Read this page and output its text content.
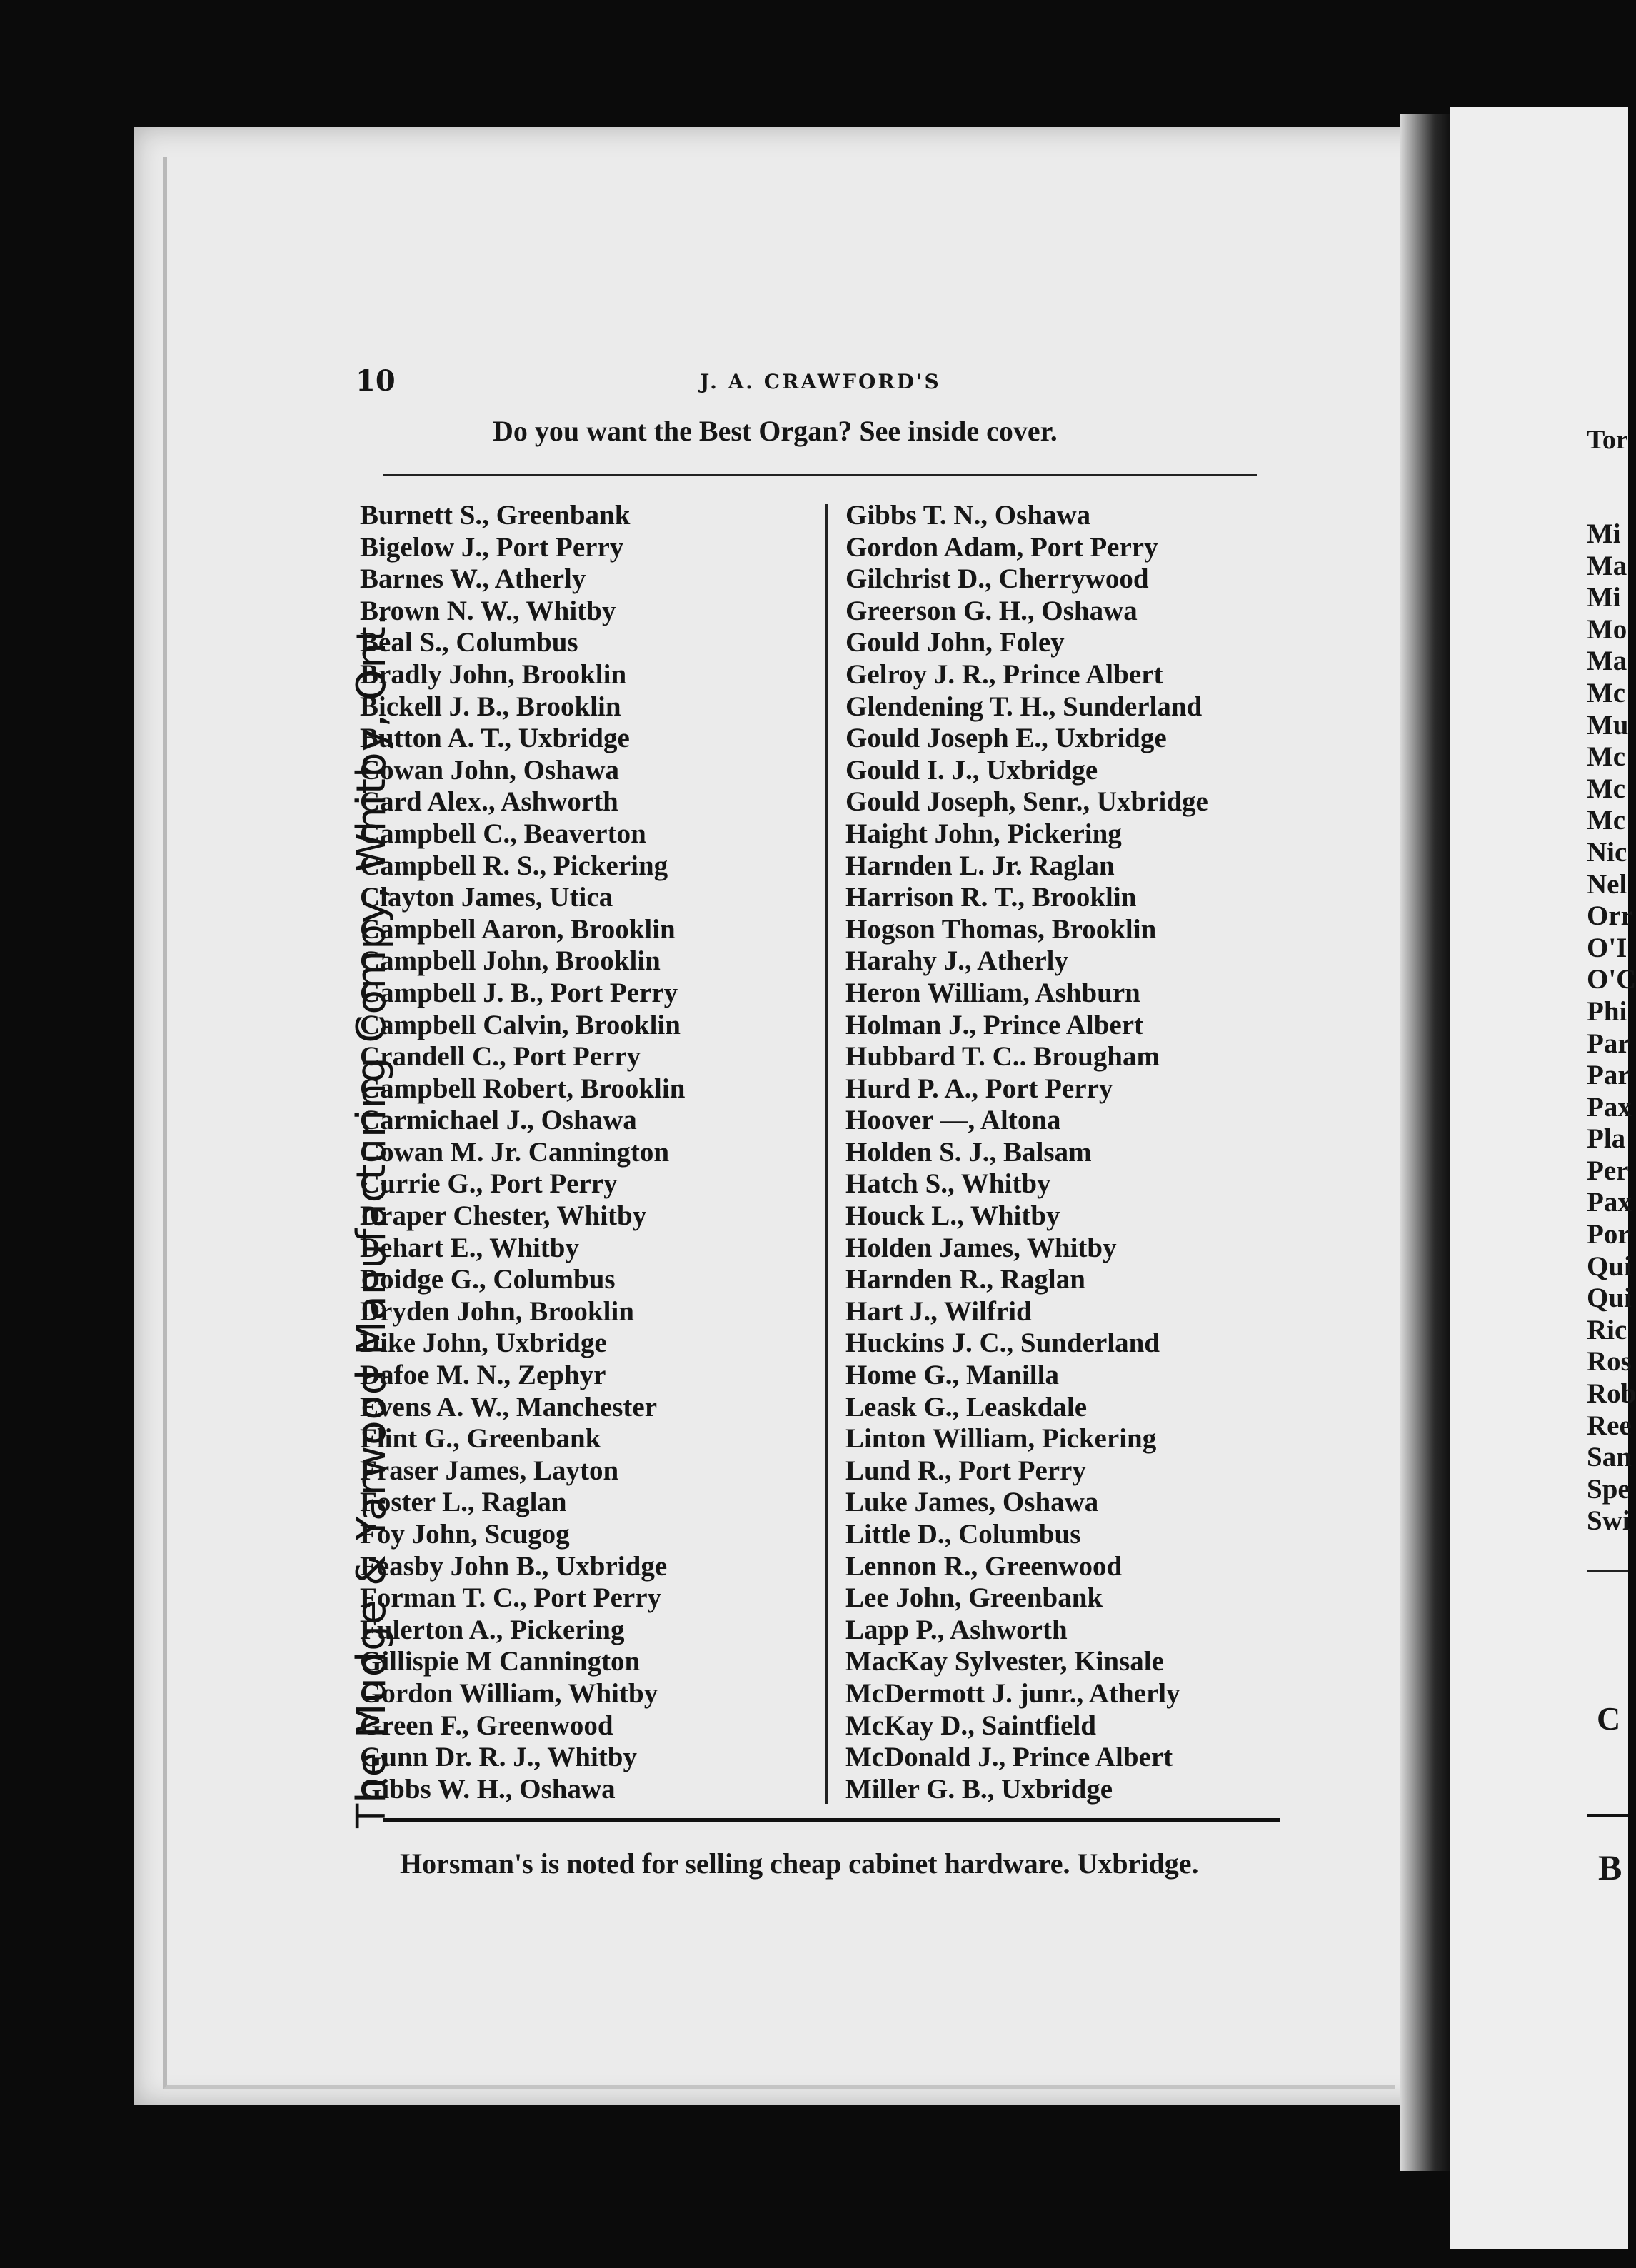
10	J. A. CRAWFORD'S
Do you want the Best Organ? See inside cover.
The Mudge & Yarwood Manufacturing Compy, Whitby, Ont.
Burnett S., Greenbank
Bigelow J., Port Perry
Barnes W., Atherly
Brown N. W., Whitby
Beal S., Columbus
Bradly John, Brooklin
Bickell J. B., Brooklin
Button A. T., Uxbridge
Cowan John, Oshawa
Card Alex., Ashworth
Campbell C., Beaverton
Campbell R. S., Pickering
Clayton James, Utica
Campbell Aaron, Brooklin
Campbell John, Brooklin
Campbell J. B., Port Perry
Campbell Calvin, Brooklin
Crandell C., Port Perry
Campbell Robert, Brooklin
Carmichael J., Oshawa
Cowan M. Jr. Cannington
Currie G., Port Perry
Draper Chester, Whitby
Dehart E., Whitby
Doidge G., Columbus
Dryden John, Brooklin
Dike John, Uxbridge
Dafoe M. N., Zephyr
Evens A. W., Manchester
Flint G., Greenbank
Fraser James, Layton
Foster L., Raglan
Foy John, Scugog
Feasby John B., Uxbridge
Forman T. C., Port Perry
Fulerton A., Pickering
Gillispie M Cannington
Gordon William, Whitby
Green F., Greenwood
Gunn Dr. R. J., Whitby
Gibbs W. H., Oshawa
Gibbs T. N., Oshawa
Gordon Adam, Port Perry
Gilchrist D., Cherrywood
Greerson G. H., Oshawa
Gould John, Foley
Gelroy J. R., Prince Albert
Glendening T. H., Sunderland
Gould Joseph E., Uxbridge
Gould I. J., Uxbridge
Gould Joseph, Senr., Uxbridge
Haight John, Pickering
Harnden L. Jr. Raglan
Harrison R. T., Brooklin
Hogson Thomas, Brooklin
Harahy J., Atherly
Heron William, Ashburn
Holman J., Prince Albert
Hubbard T. C.. Brougham
Hurd P. A., Port Perry
Hoover —, Altona
Holden S. J., Balsam
Hatch S., Whitby
Houck L., Whitby
Holden James, Whitby
Harnden R., Raglan
Hart J., Wilfrid
Huckins J. C., Sunderland
Home G., Manilla
Leask G., Leaskdale
Linton William, Pickering
Lund R., Port Perry
Luke James, Oshawa
Little D., Columbus
Lennon R., Greenwood
Lee John, Greenbank
Lapp P., Ashworth
MacKay Sylvester, Kinsale
McDermott J. junr., Atherly
McKay D., Saintfield
McDonald J., Prince Albert
Miller G. B., Uxbridge
Horsman's is noted for selling cheap cabinet hardware. Uxbridge.
Tor
Mi
Ma
Mi
Mo
Ma
Mc
Mu
Mc
Mc
Mc
Nic
Nel
Orr
O'I
O'C
Phi
Par
Par
Pax
Pla
Per
Pax
Por
Qui
Qui
Ric
Ros
Rob
Ree
San
Spe
Swi
C
B
